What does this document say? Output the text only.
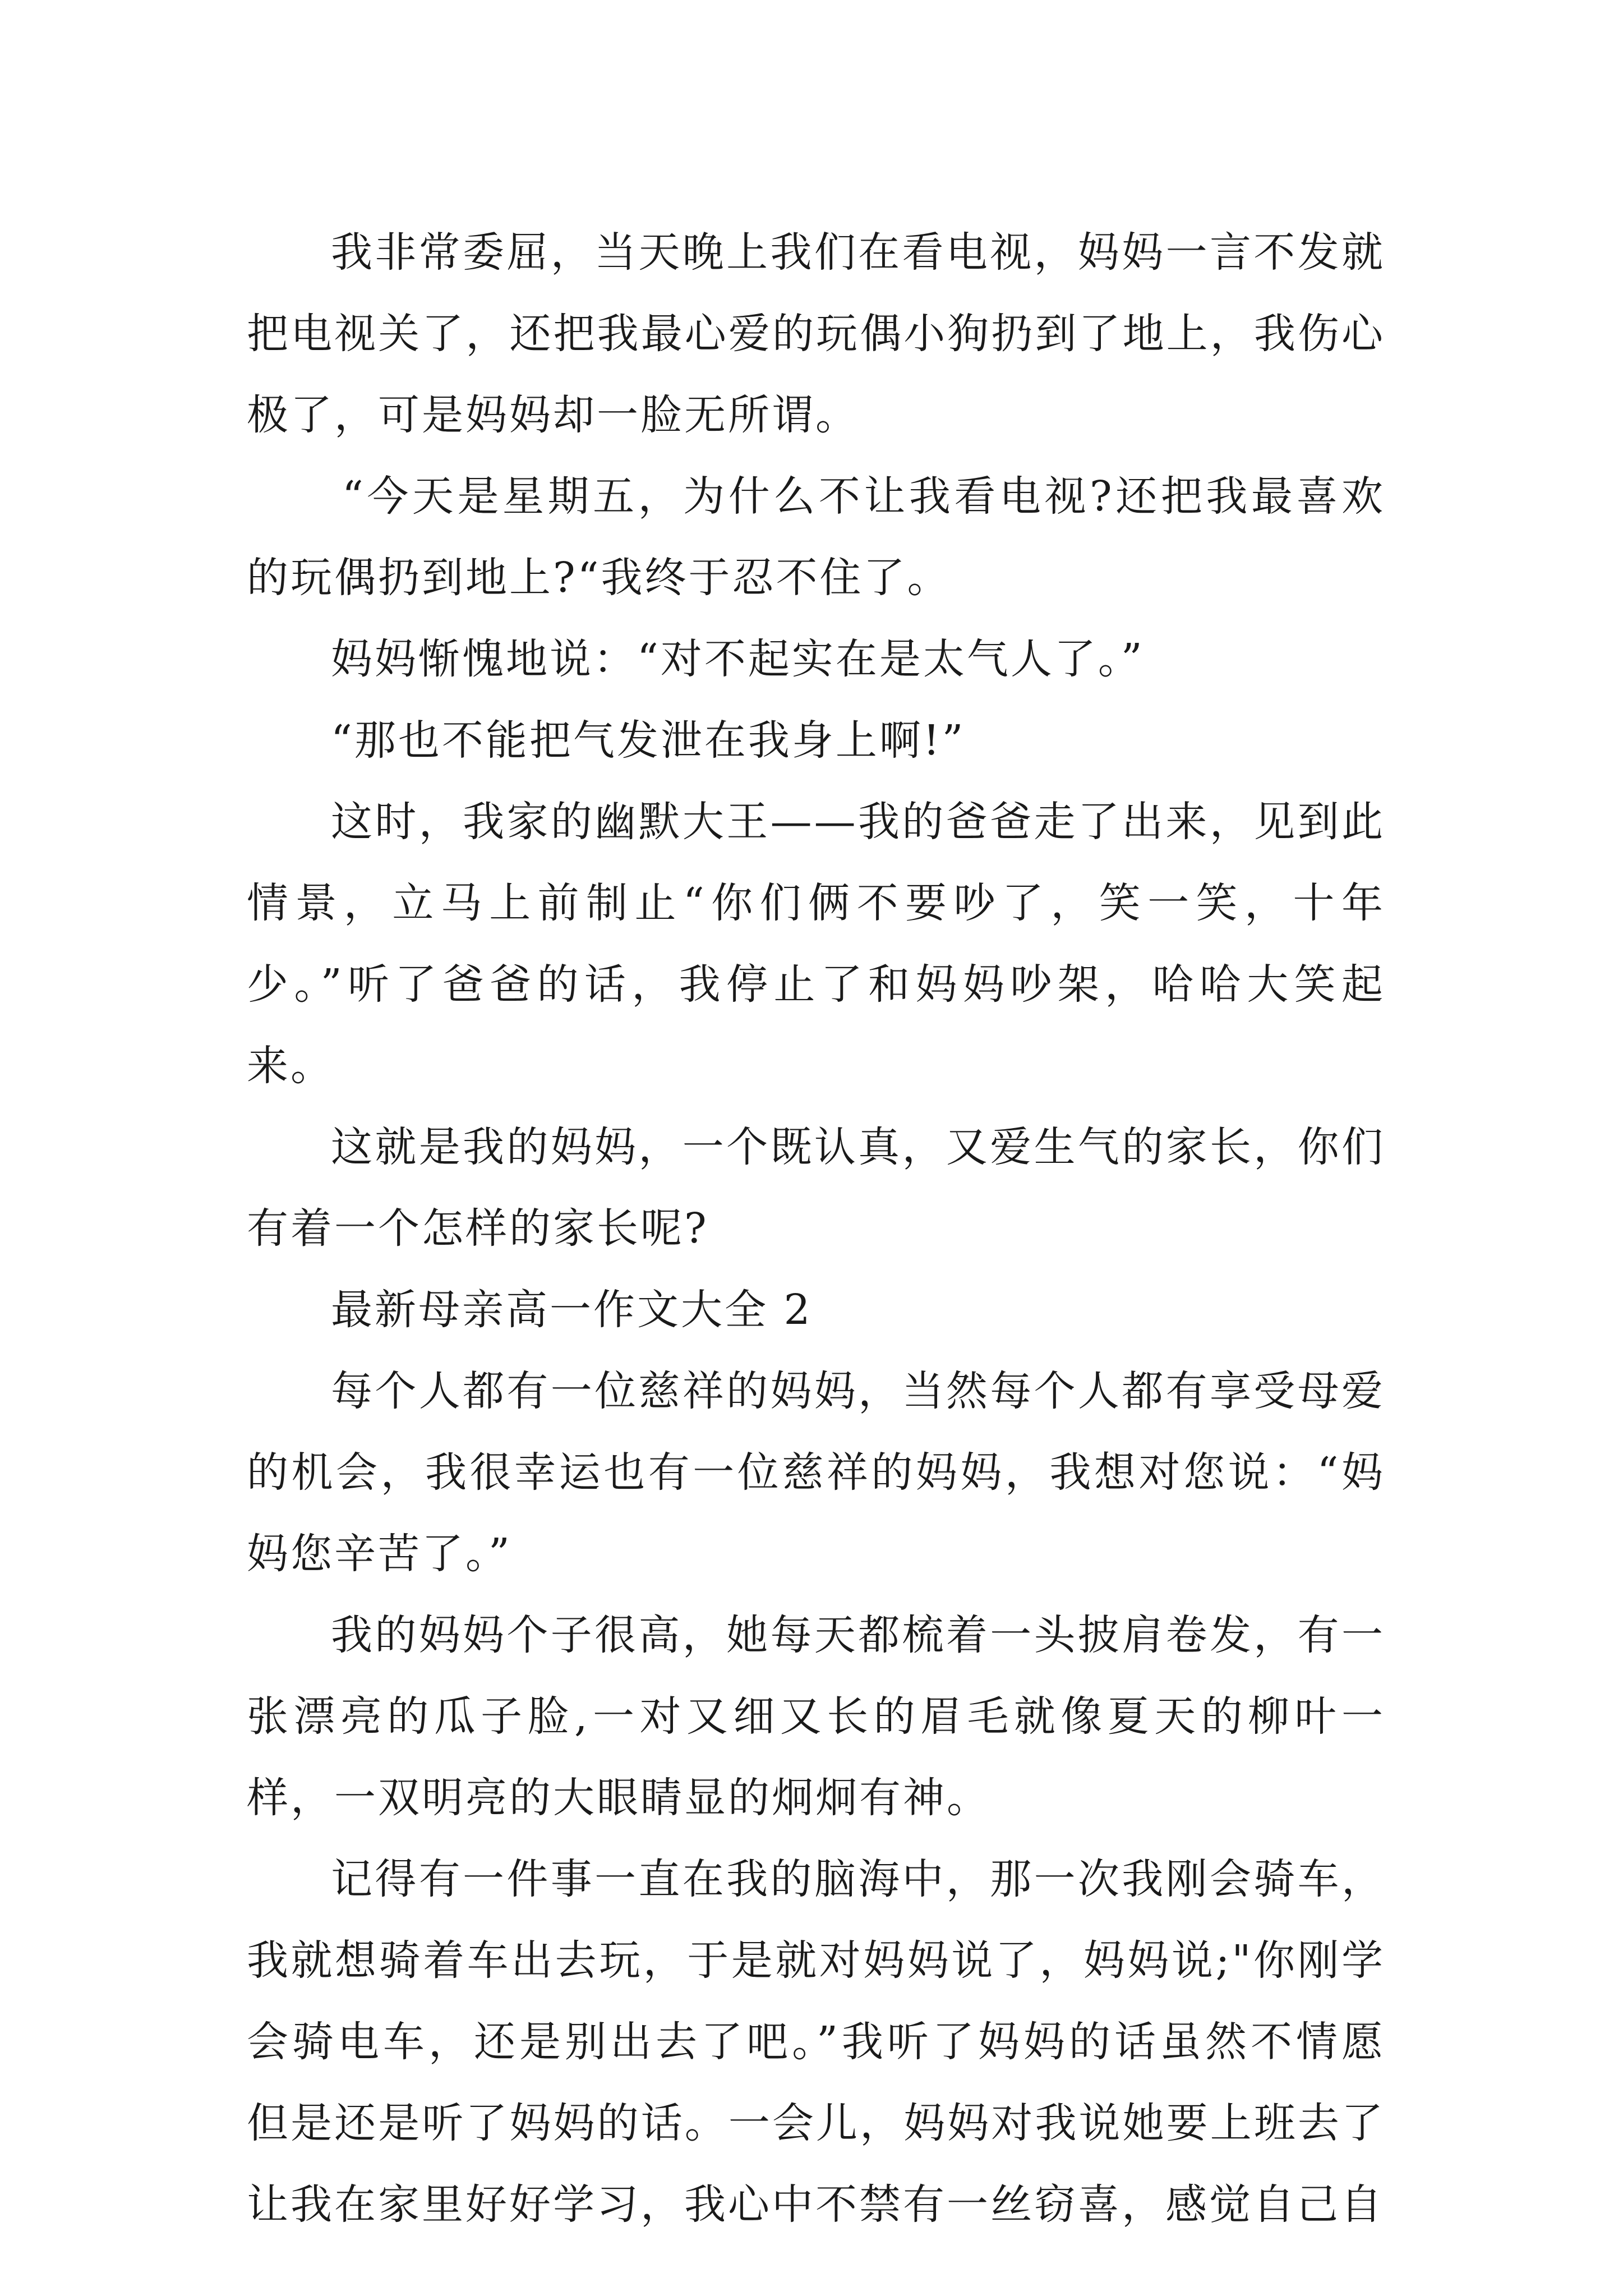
我非常委屈，当天晚上我们在看电视，妈妈一言不发就把电视关了，还把我最心爱的玩偶小狗扔到了地上，我伤心极了，可是妈妈却一脸无所谓。

“今天是星期五，为什么不让我看电视?还把我最喜欢的玩偶扔到地上?“我终于忍不住了。

妈妈惭愧地说：“对不起实在是太气人了。”

“那也不能把气发泄在我身上啊!”

这时，我家的幽默大王——我的爸爸走了出来，见到此情景，立马上前制止“你们俩不要吵了，笑一笑，十年少。”听了爸爸的话，我停止了和妈妈吵架，哈哈大笑起来。

这就是我的妈妈，一个既认真，又爱生气的家长，你们有着一个怎样的家长呢?

最新母亲高一作文大全 2

每个人都有一位慈祥的妈妈，当然每个人都有享受母爱的机会，我很幸运也有一位慈祥的妈妈，我想对您说：“妈妈您辛苦了。”

我的妈妈个子很高，她每天都梳着一头披肩卷发，有一张漂亮的瓜子脸,一对又细又长的眉毛就像夏天的柳叶一样，一双明亮的大眼睛显的炯炯有神。

记得有一件事一直在我的脑海中，那一次我刚会骑车，我就想骑着车出去玩，于是就对妈妈说了，妈妈说;"你刚学会骑电车，还是别出去了吧。”我听了妈妈的话虽然不情愿但是还是听了妈妈的话。一会儿，妈妈对我说她要上班去了让我在家里好好学习，我心中不禁有一丝窃喜，感觉自己自
